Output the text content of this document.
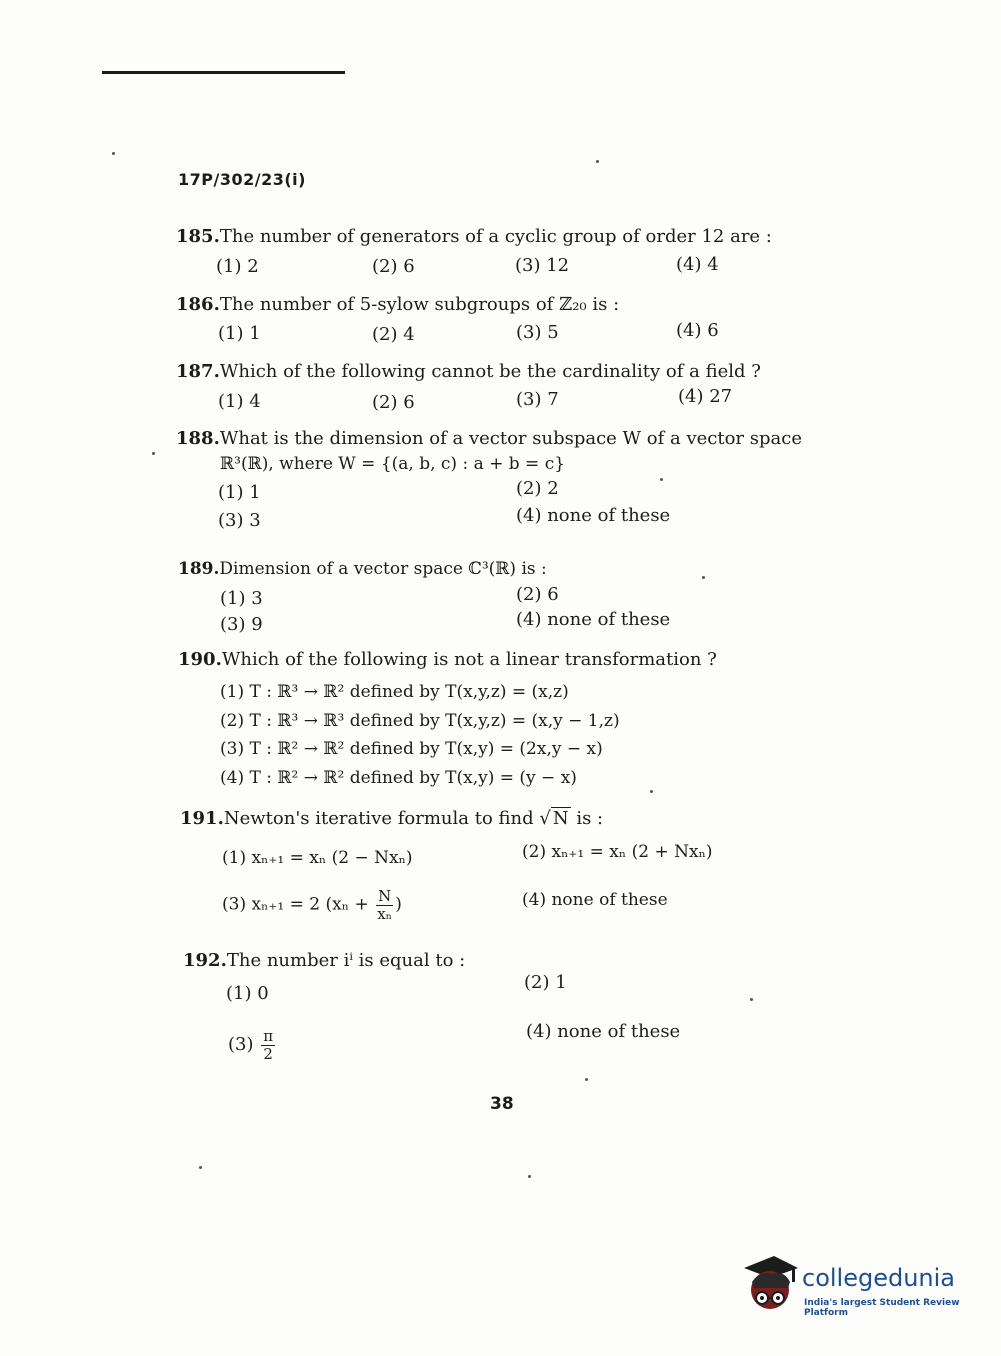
17P/302/23(i)
185.The number of generators of a cyclic group of order 12 are :
(1) 2	(2) 6	(3) 12	(4) 4
186.The number of 5-sylow subgroups of ℤ₂₀ is :
(1) 1	(2) 4	(3) 5	(4) 6
187.Which of the following cannot be the cardinality of a field ?
(1) 4	(2) 6	(3) 7	(4) 27
188.What is the dimension of a vector subspace W of a vector space
ℝ³(ℝ), where W = {(a, b, c) : a + b = c}
(1) 1	(2) 2
(3) 3	(4) none of these
189.Dimension of a vector space ℂ³(ℝ) is :
(1) 3	(2) 6
(3) 9	(4) none of these
190.Which of the following is not a linear transformation ?
(1) T : ℝ³ → ℝ² defined by T(x,y,z) = (x,z)
(2) T : ℝ³ → ℝ³ defined by T(x,y,z) = (x,y − 1,z)
(3) T : ℝ² → ℝ² defined by T(x,y) = (2x,y − x)
(4) T : ℝ² → ℝ² defined by T(x,y) = (y − x)
191.Newton's iterative formula to find √ N is :
(1) xₙ₊₁ = xₙ (2 − Nxₙ)	(2) xₙ₊₁ = xₙ (2 + Nxₙ)
(3) xₙ₊₁ = 2 ($x_n + \frac{N}{\text{xₙ}}$ )	(4) none of these
192.The number iⁱ is equal to :
(1) 0
(2) 1
$(3) \frac{\pi}{2}$	(4) none of these
38
collegedunia
India's largest Student Review Platform
